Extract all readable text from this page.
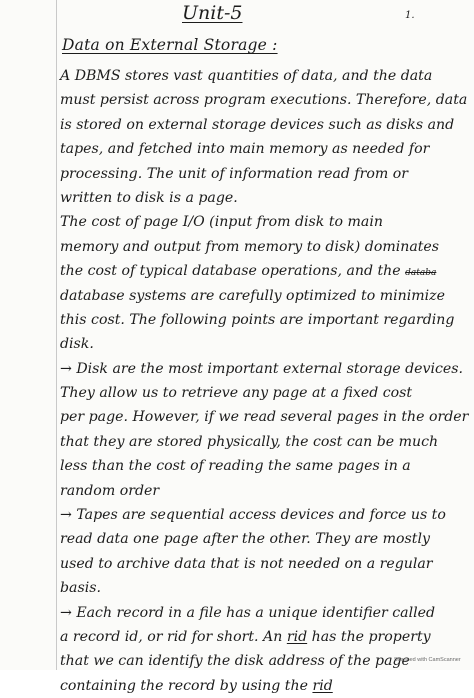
Unit-5	1.
Data on External Storage :

A DBMS stores vast quantities of data, and the data
must persist across program executions. Therefore, data
is stored on external storage devices such as disks and
tapes, and fetched into main memory as needed for
processing. The unit of information read from or
written to disk is a page.

The cost of page I/O (input from disk to main
memory and output from memory to disk) dominates
the cost of typical database operations, and the databa
database systems are carefully optimized to minimize
this cost. The following points are important regarding
disk.

→ Disk are the most important external storage devices.
They allow us to retrieve any page at a fixed cost
per page. However, if we read several pages in the order
that they are stored physically, the cost can be much
less than the cost of reading the same pages in a
random order

→ Tapes are sequential access devices and force us to
read data one page after the other. They are mostly
used to archive data that is not needed on a regular
basis.

→ Each record in a file has a unique identifier called
a record id, or rid for short. An rid has the property
that we can identify the disk address of the page
containing the record by using the rid

Scanned with CamScanner
